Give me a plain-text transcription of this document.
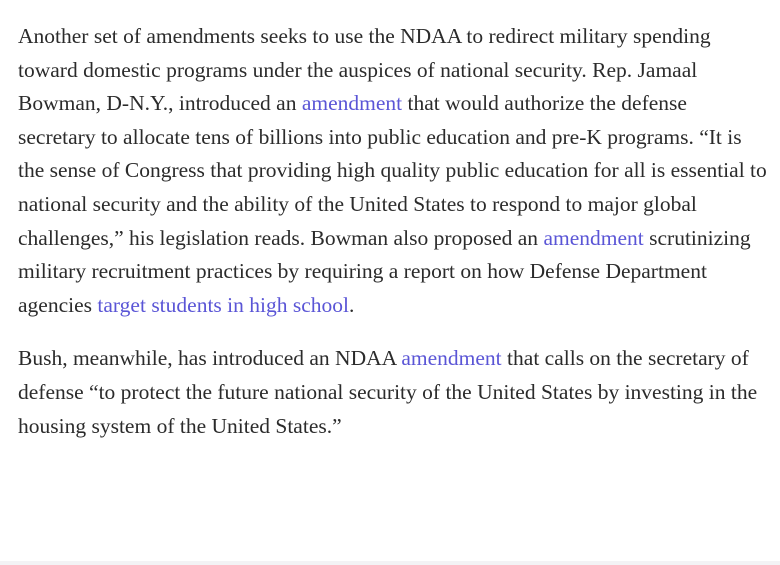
Another set of amendments seeks to use the NDAA to redirect military spending toward domestic programs under the auspices of national security. Rep. Jamaal Bowman, D-N.Y., introduced an amendment that would authorize the defense secretary to allocate tens of billions into public education and pre-K programs. “It is the sense of Congress that providing high quality public education for all is essential to national security and the ability of the United States to respond to major global challenges,” his legislation reads. Bowman also proposed an amendment scrutinizing military recruitment practices by requiring a report on how Defense Department agencies target students in high school.

Bush, meanwhile, has introduced an NDAA amendment that calls on the secretary of defense “to protect the future national security of the United States by investing in the housing system of the United States.”
